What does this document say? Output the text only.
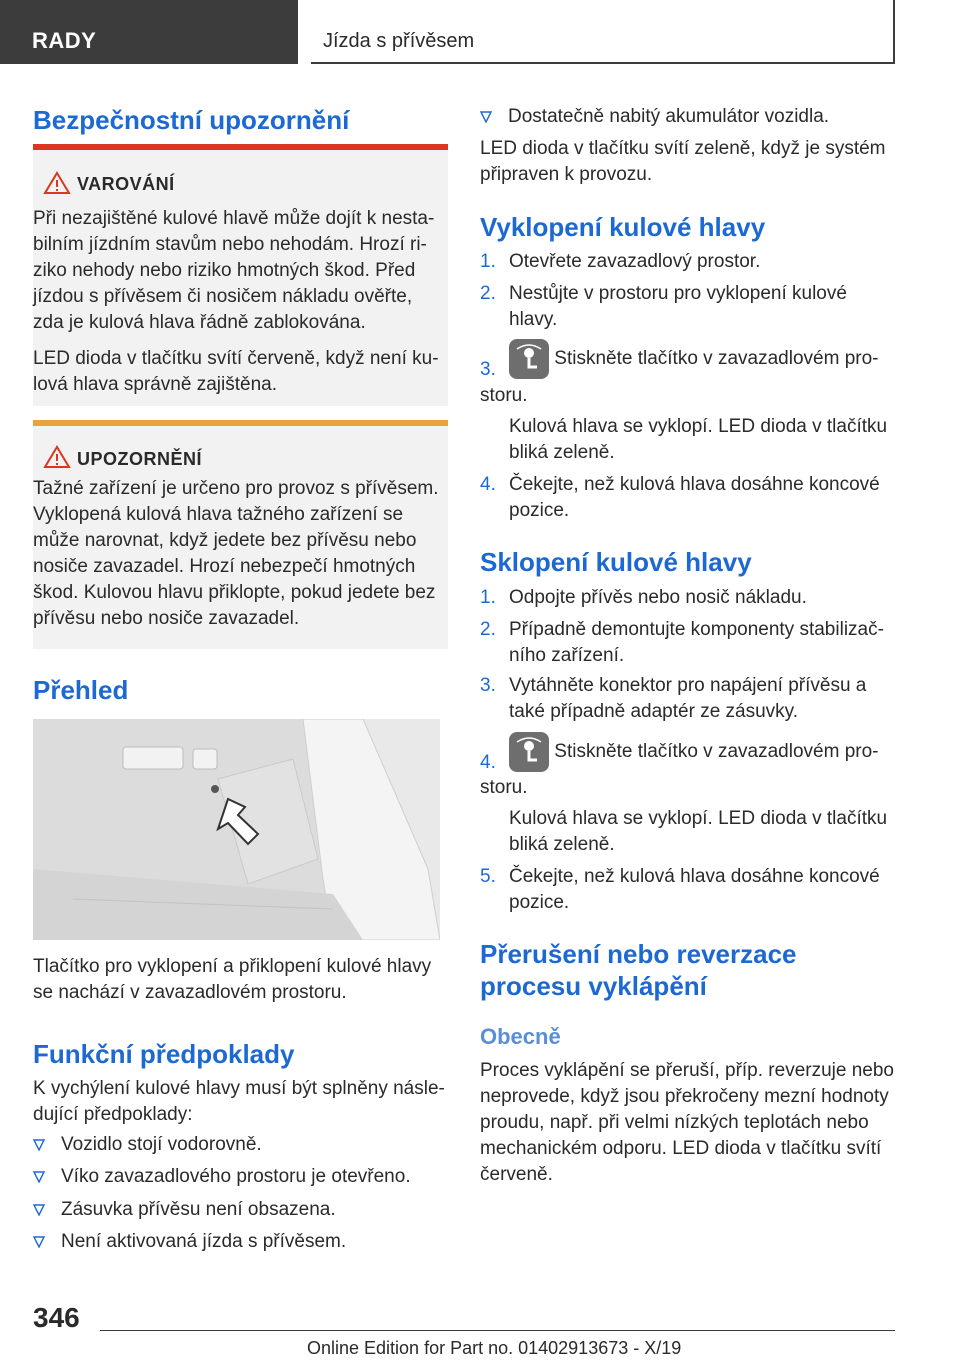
RADY	Jízda s přívěsem
Bezpečnostní upozornění
VAROVÁNÍ
Při nezajištěné kulové hlavě může dojít k nesta-
bilním jízdním stavům nebo nehodám. Hrozí ri-
ziko nehody nebo riziko hmotných škod. Před
jízdou s přívěsem či nosičem nákladu ověřte,
zda je kulová hlava řádně zablokována.
LED dioda v tlačítku svítí červeně, když není ku-
lová hlava správně zajištěna.
UPOZORNĚNÍ
Tažné zařízení je určeno pro provoz s přívěsem.
Vyklopená kulová hlava tažného zařízení se
může narovnat, když jedete bez přívěsu nebo
nosiče zavazadel. Hrozí nebezpečí hmotných
škod. Kulovou hlavu přiklopte, pokud jedete bez
přívěsu nebo nosiče zavazadel.
Přehled
Tlačítko pro vyklopení a přiklopení kulové hlavy
se nachází v zavazadlovém prostoru.
Funkční předpoklady
K vychýlení kulové hlavy musí být splněny násle-
dující předpoklady:
Vozidlo stojí vodorovně.
Víko zavazadlového prostoru je otevřeno.
Zásuvka přívěsu není obsazena.
Není aktivovaná jízda s přívěsem.
Dostatečně nabitý akumulátor vozidla.
LED dioda v tlačítku svítí zeleně, když je systém
připraven k provozu.
Vyklopení kulové hlavy
1. Otevřete zavazadlový prostor.
2. Nestůjte v prostoru pro vyklopení kulové
hlavy.
3.
Stiskněte tlačítko v zavazadlovém pro-
storu.
Kulová hlava se vyklopí. LED dioda v tlačítku
bliká zeleně.
4. Čekejte, než kulová hlava dosáhne koncové
pozice.
Sklopení kulové hlavy
1. Odpojte přívěs nebo nosič nákladu.
2. Případně demontujte komponenty stabilizač-
ního zařízení.
3. Vytáhněte konektor pro napájení přívěsu a
také případně adaptér ze zásuvky.
4.
Stiskněte tlačítko v zavazadlovém pro-
storu.
Kulová hlava se vyklopí. LED dioda v tlačítku
bliká zeleně.
5. Čekejte, než kulová hlava dosáhne koncové
pozice.
Přerušení nebo reverzace
procesu vyklápění
Obecně
Proces vyklápění se přeruší, příp. reverzuje nebo
neprovede, když jsou překročeny mezní hodnoty
proudu, např. při velmi nízkých teplotách nebo
mechanickém odporu. LED dioda v tlačítku svítí
červeně.
346
Online Edition for Part no. 01402913673 - X/19
